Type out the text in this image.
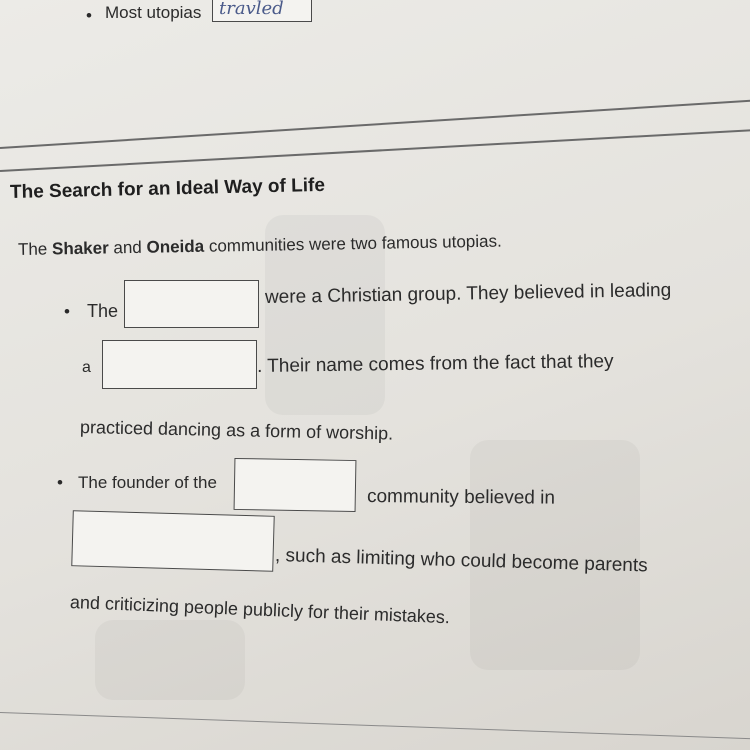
• Most utopias travled
The Search for an Ideal Way of Life
The Shaker and Oneida communities were two famous utopias.
• The
were a Christian group. They believed in leading
a	. Their name comes from the fact that they
practiced dancing as a form of worship.
• The founder of the
community believed in
, such as limiting who could become parents
and criticizing people publicly for their mistakes.
